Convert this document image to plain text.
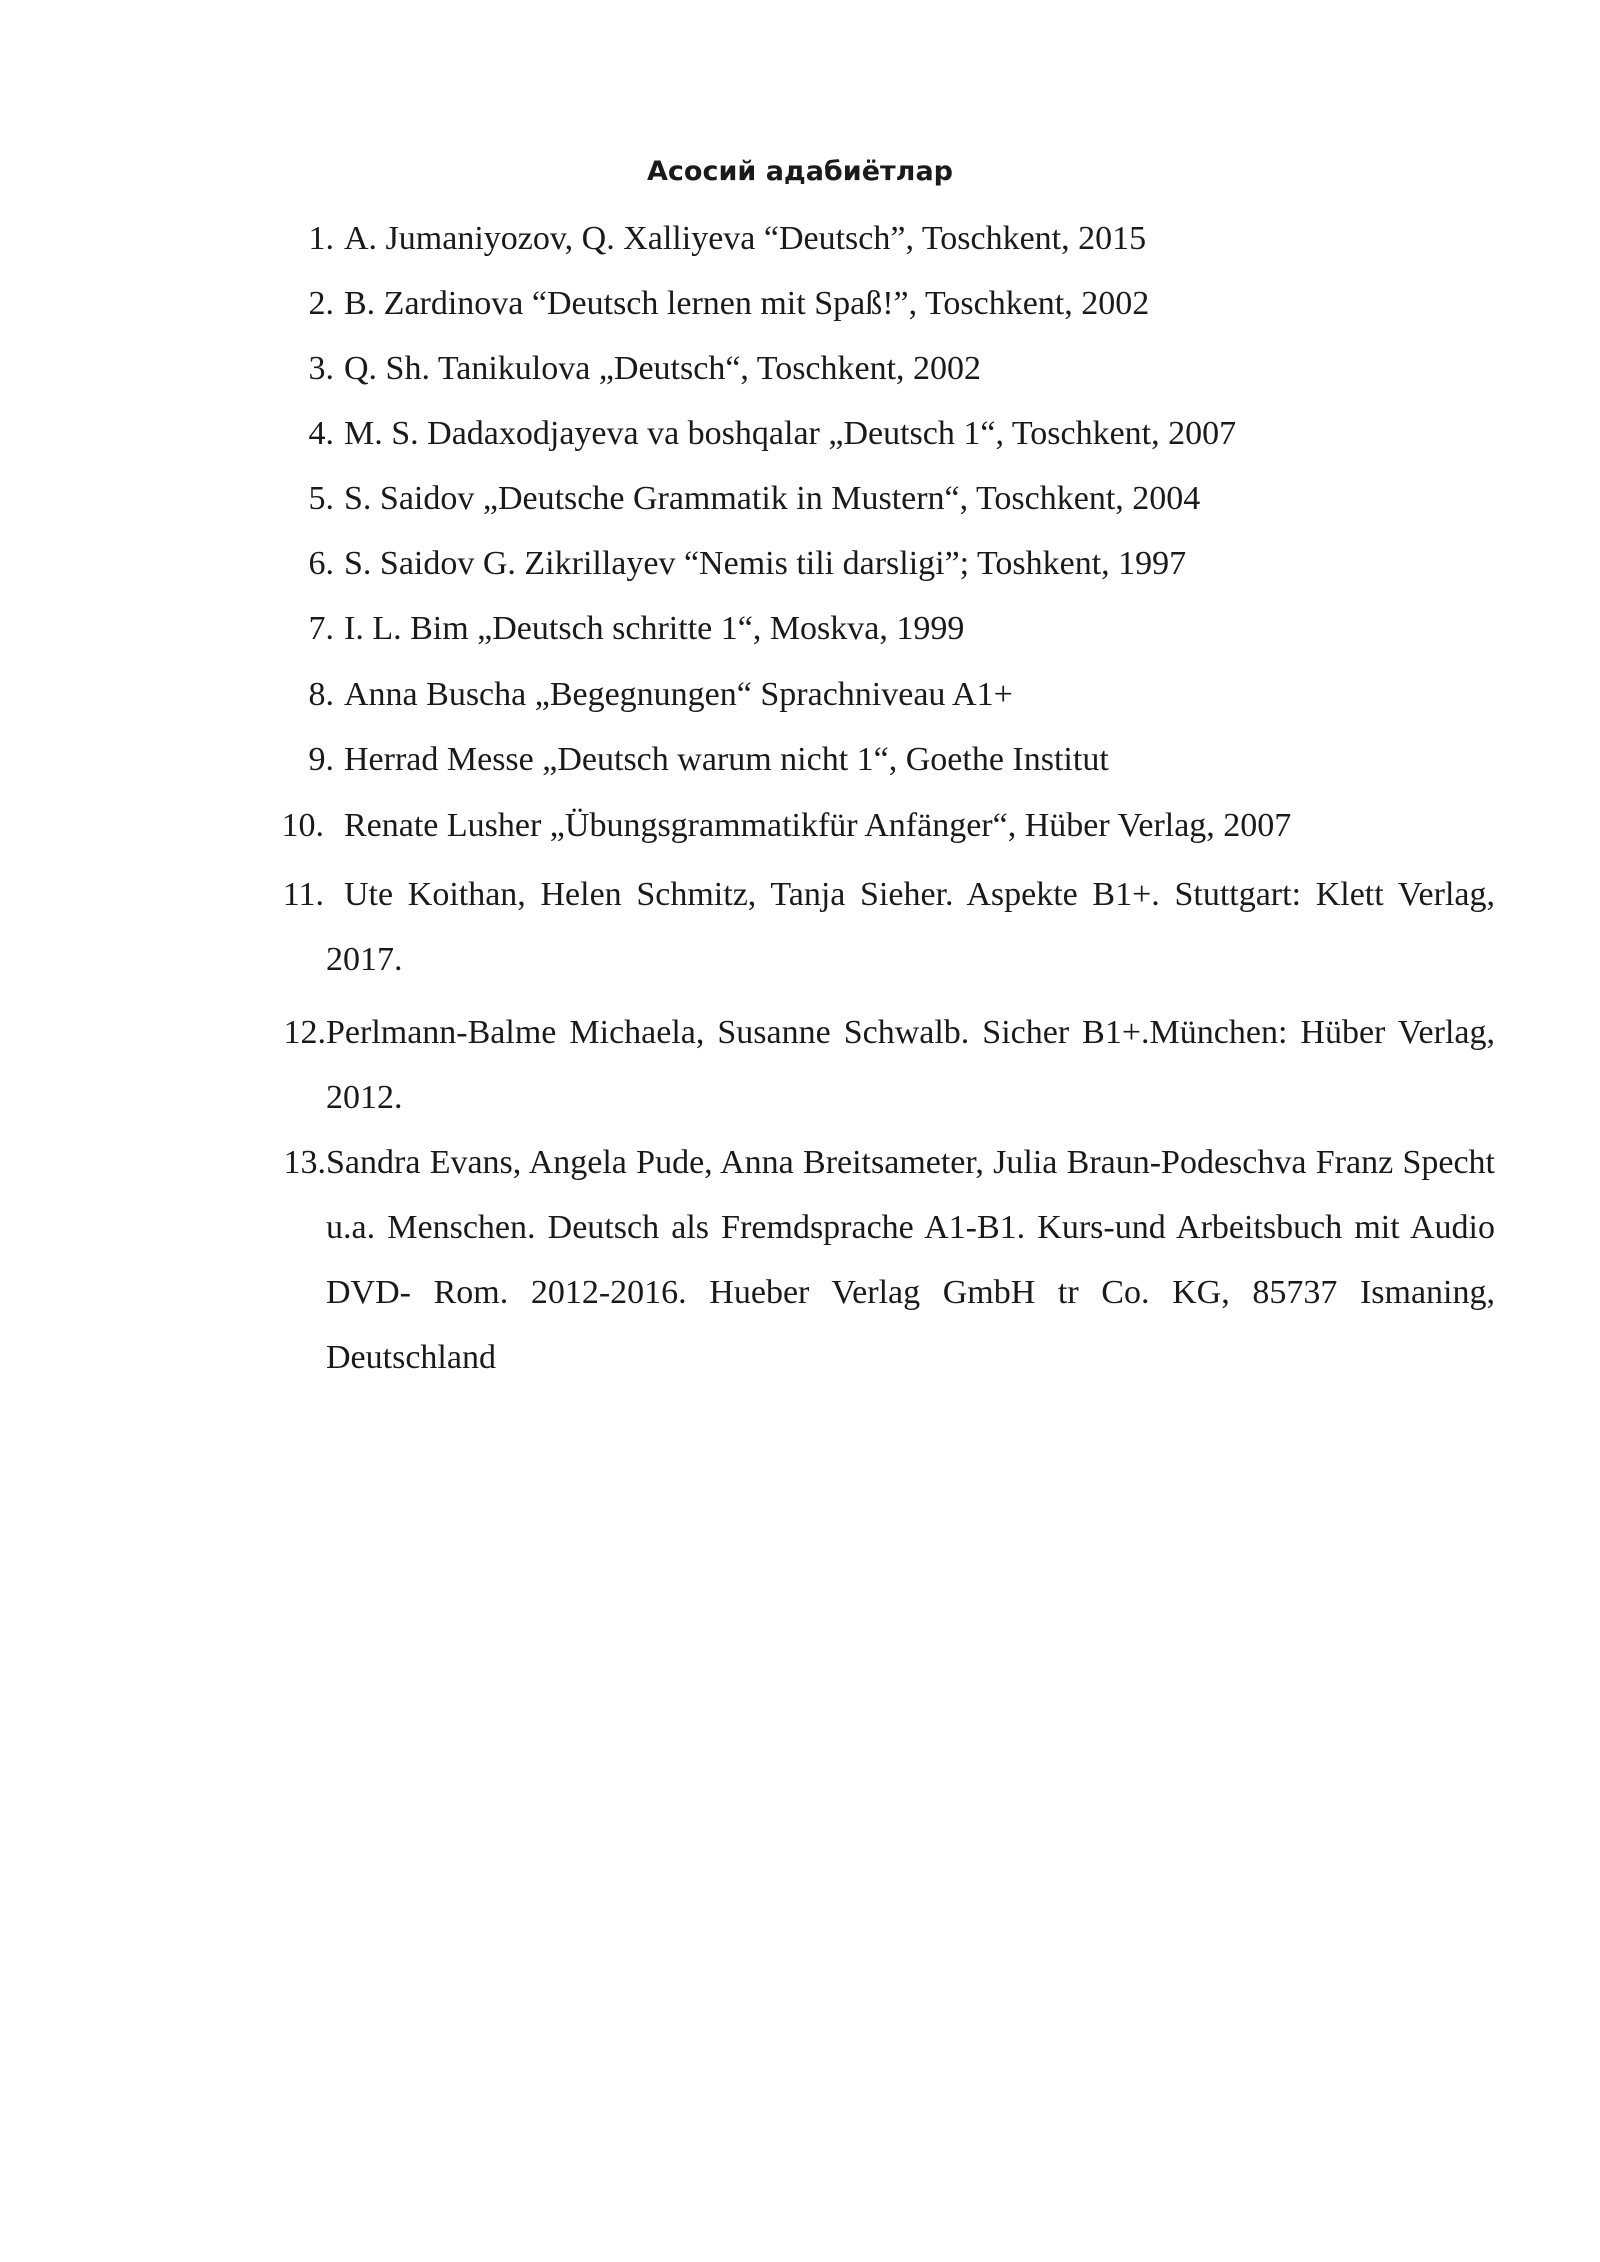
Асосий адабиётлар
1. A. Jumaniyozov, Q. Xalliyeva “Deutsch”, Toschkent, 2015
2. B. Zardinova “Deutsch lernen mit Spaß!”, Toschkent, 2002
3. Q. Sh. Tanikulova „Deutsch“, Toschkent, 2002
4. M. S. Dadaxodjayeva va boshqalar „Deutsch 1“, Toschkent, 2007
5. S. Saidov „Deutsche Grammatik in Mustern“, Toschkent, 2004
6. S. Saidov G. Zikrillayev “Nemis tili darsligi”; Toshkent, 1997
7. I. L. Bim „Deutsch schritte 1“, Moskva, 1999
8. Anna Buscha „Begegnungen“ Sprachniveau A1+
9. Herrad Messe „Deutsch warum nicht 1“, Goethe Institut
10. Renate Lusher „Übungsgrammatikfür Anfänger“, Hüber Verlag, 2007
11. Ute Koithan, Helen Schmitz, Tanja Sieher. Aspekte B1+. Stuttgart: Klett Verlag, 2017.
12. Perlmann-Balme Michaela, Susanne Schwalb. Sicher B1+.München: Hüber Verlag, 2012.
13. Sandra Evans, Angela Pude, Anna Breitsameter, Julia Braun-Podeschva Franz Specht u.a. Menschen. Deutsch als Fremdsprache A1-B1. Kurs-und Arbeitsbuch mit Audio DVD- Rom. 2012-2016. Hueber Verlag GmbH tr Co. KG, 85737 Ismaning, Deutschland
